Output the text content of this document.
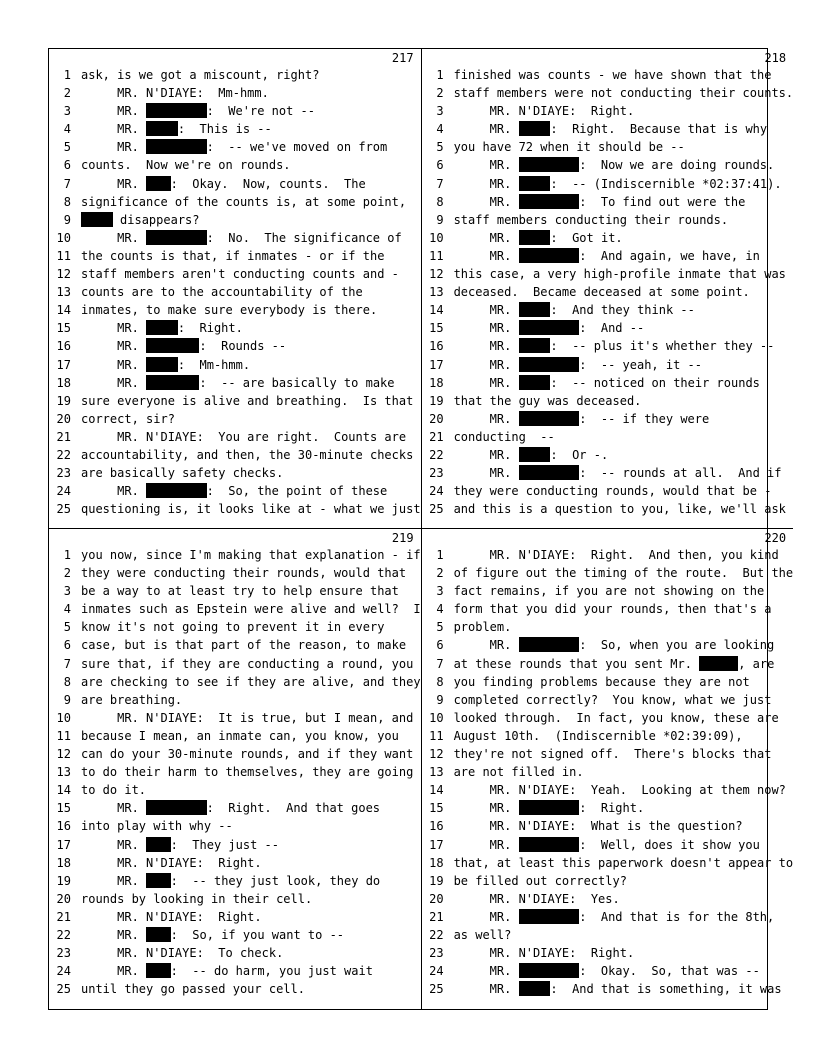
217
1 ask, is we got a miscount, right?
2 MR. N'DIAYE:  Mm-hmm.
3 MR.	:  We're not --
4 MR.	:  This is --
5 MR.	:  -- we've moved on from
6 counts.  Now we're on rounds.
7 MR. :  Okay.  Now, counts.  The
8 significance of the counts is, at some point,
9	disappears?
10 MR.	:  No.  The significance of
11 the counts is that, if inmates - or if the
12 staff members aren't conducting counts and -
13 counts are to the accountability of the
14 inmates, to make sure everybody is there.
15 MR.	:  Right.
16 MR.	:  Rounds --
17 MR.	:  Mm-hmm.
18 MR.	:  -- are basically to make
19 sure everyone is alive and breathing.  Is that
20 correct, sir?
21 MR. N'DIAYE:  You are right.  Counts are
22 accountability, and then, the 30-minute checks
23 are basically safety checks.
24 MR.	:  So, the point of these
25 questioning is, it looks like at - what we just
218
1 finished was counts - we have shown that the
2 staff members were not conducting their counts.
3 MR. N'DIAYE:  Right.
4 MR.	:  Right.  Because that is why
5 you have 72 when it should be --
6 MR.	:  Now we are doing rounds.
7 MR.	:  -- (Indiscernible *02:37:41).
8 MR.	:  To find out were the
9 staff members conducting their rounds.
10 MR.	:  Got it.
11 MR.	:  And again, we have, in
12 this case, a very high-profile inmate that was
13 deceased.  Became deceased at some point.
14 MR.	:  And they think --
15 MR.	:  And --
16 MR.	:  -- plus it's whether they --
17 MR.	:  -- yeah, it --
18 MR.	:  -- noticed on their rounds
19 that the guy was deceased.
20 MR.	:  -- if they were
21 conducting  --
22 MR.	:  Or -.
23 MR.	:  -- rounds at all.  And if
24 they were conducting rounds, would that be -
25 and this is a question to you, like, we'll ask
219
1 you now, since I'm making that explanation - if
2 they were conducting their rounds, would that
3 be a way to at least try to help ensure that
4 inmates such as Epstein were alive and well?  I
5 know it's not going to prevent it in every
6 case, but is that part of the reason, to make
7 sure that, if they are conducting a round, you
8 are checking to see if they are alive, and they
9 are breathing.
10 MR. N'DIAYE:  It is true, but I mean, and
11 because I mean, an inmate can, you know, you
12 can do your 30-minute rounds, and if they want
13 to do their harm to themselves, they are going
14 to do it.
15 MR.	:  Right.  And that goes
16 into play with why --
17 MR. :  They just --
18 MR. N'DIAYE:  Right.
19 MR. :  -- they just look, they do
20 rounds by looking in their cell.
21 MR. N'DIAYE:  Right.
22 MR. :  So, if you want to --
23 MR. N'DIAYE:  To check.
24 MR. :  -- do harm, you just wait
25 until they go passed your cell.
220
1 MR. N'DIAYE:  Right.  And then, you kind
2 of figure out the timing of the route.  But the
3 fact remains, if you are not showing on the
4 form that you did your rounds, then that's a
5 problem.
6 MR.	:  So, when you are looking
7 at these rounds that you sent Mr.	, are
8 you finding problems because they are not
9 completed correctly?  You know, what we just
10 looked through.  In fact, you know, these are
11 August 10th.  (Indiscernible *02:39:09),
12 they're not signed off.  There's blocks that
13 are not filled in.
14 MR. N'DIAYE:  Yeah.  Looking at them now?
15 MR.	:  Right.
16 MR. N'DIAYE:  What is the question?
17 MR.	:  Well, does it show you
18 that, at least this paperwork doesn't appear to
19 be filled out correctly?
20 MR. N'DIAYE:  Yes.
21 MR.	:  And that is for the 8th,
22 as well?
23 MR. N'DIAYE:  Right.
24 MR.	:  Okay.  So, that was --
25 MR.	:  And that is something, it was
